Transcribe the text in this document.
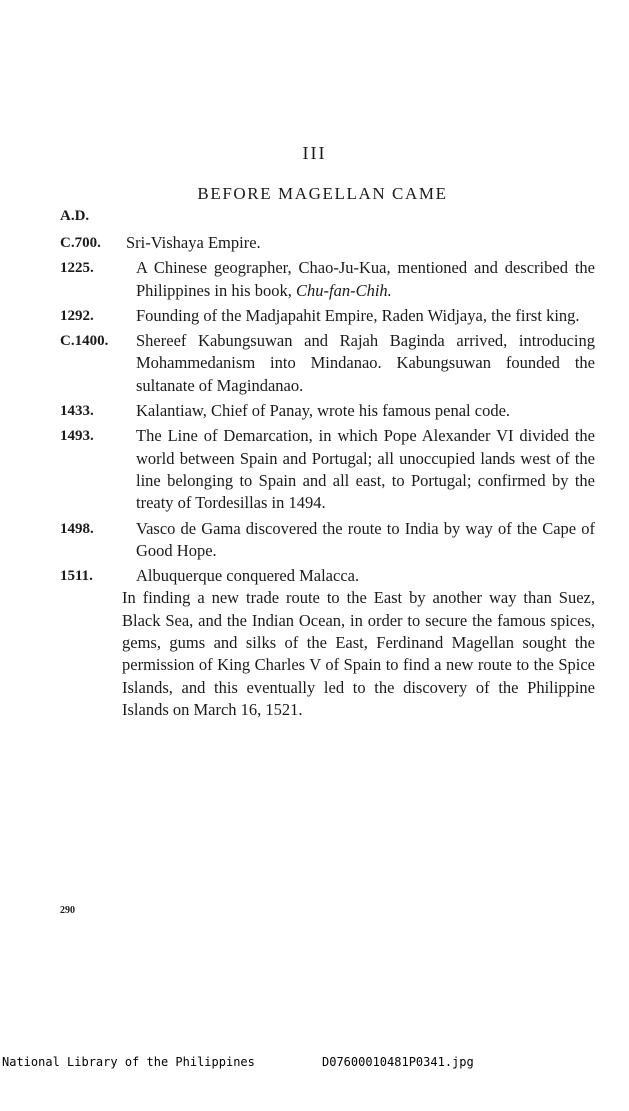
III
BEFORE MAGELLAN CAME
A.D.
C.700. Sri-Vishaya Empire.
1225.	A Chinese geographer, Chao-Ju-Kua, mentioned and described the Philippines in his book, Chu-fan-Chih.
1292.	Founding of the Madjapahit Empire, Raden Widjaya, the first king.
C.1400. Shereef Kabungsuwan and Rajah Baginda arrived, introducing Mohammedanism into Mindanao. Kabungsuwan founded the sultanate of Magindanao.
1433.	Kalantiaw, Chief of Panay, wrote his famous penal code.
1493.	The Line of Demarcation, in which Pope Alexander VI divided the world between Spain and Portugal; all unoccupied lands west of the line belonging to Spain and all east, to Portugal; confirmed by the treaty of Tordesillas in 1494.
1498.	Vasco de Gama discovered the route to India by way of the Cape of Good Hope.
1511.	Albuquerque conquered Malacca.
In finding a new trade route to the East by another way than Suez, Black Sea, and the Indian Ocean, in order to secure the famous spices, gems, gums and silks of the East, Ferdinand Magellan sought the permission of King Charles V of Spain to find a new route to the Spice Islands, and this eventually led to the discovery of the Philippine Islands on March 16, 1521.
290

National Library of the Philippines

	D07600010481P0341.jpg
